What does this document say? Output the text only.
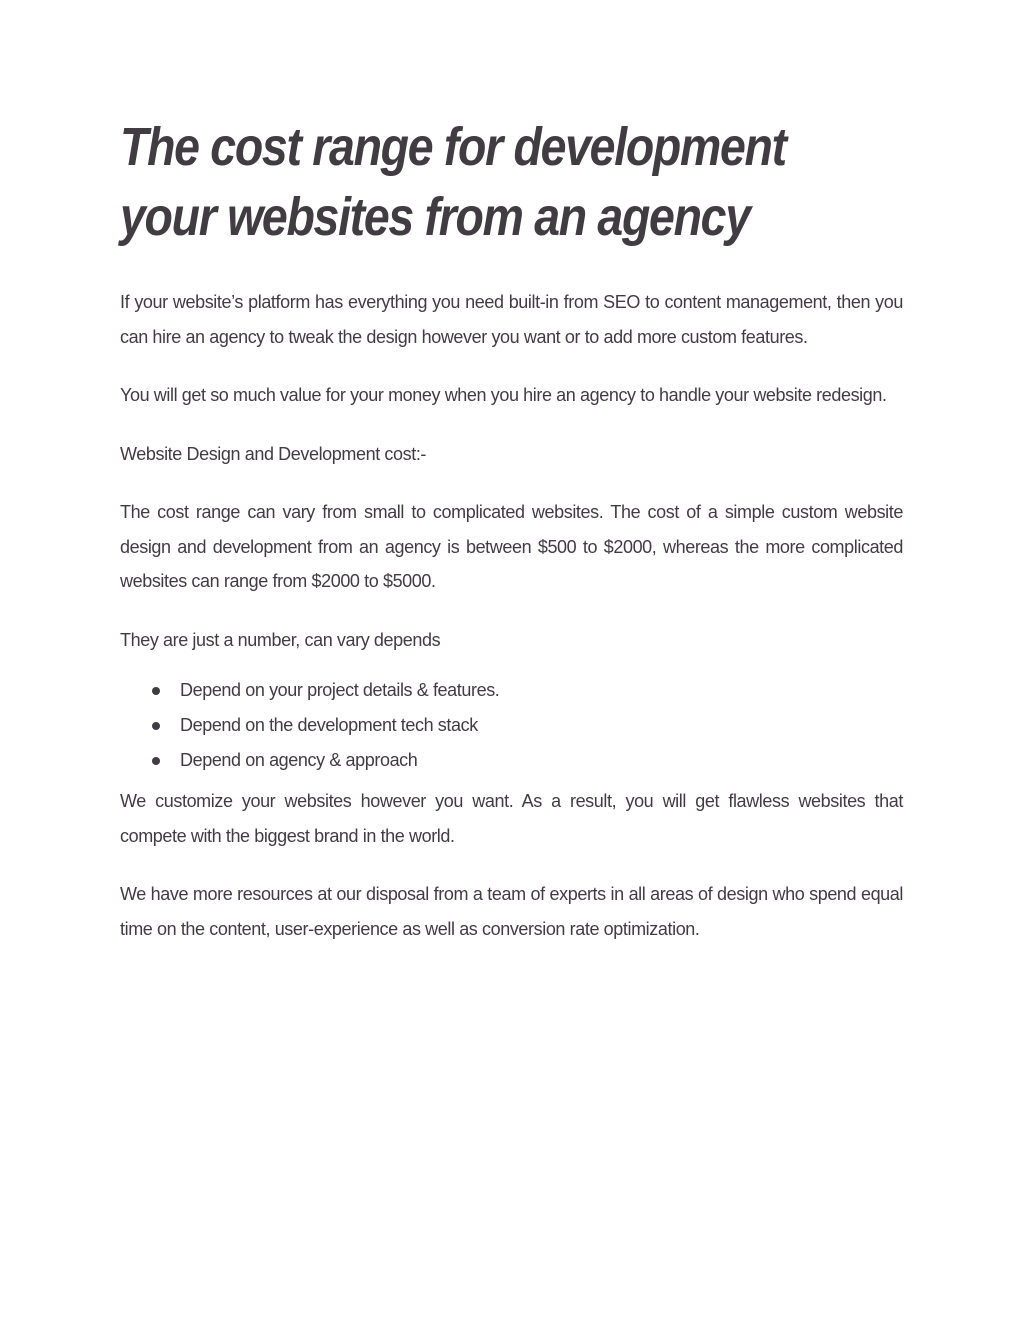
The cost range for development
your websites from an agency

If your website’s platform has everything you need built-in from SEO to content management, then you can hire an agency to tweak the design however you want or to add more custom features.

You will get so much value for your money when you hire an agency to handle your website redesign.

Website Design and Development cost:-

The cost range can vary from small to complicated websites. The cost of a simple custom website design and development from an agency is between $500 to $2000, whereas the more complicated websites can range from $2000 to $5000.

They are just a number, can vary depends

Depend on your project details & features.
Depend on the development tech stack
Depend on agency & approach

We customize your websites however you want. As a result, you will get flawless websites that compete with the biggest brand in the world.

We have more resources at our disposal from a team of experts in all areas of design who spend equal time on the content, user-experience as well as conversion rate optimization.
